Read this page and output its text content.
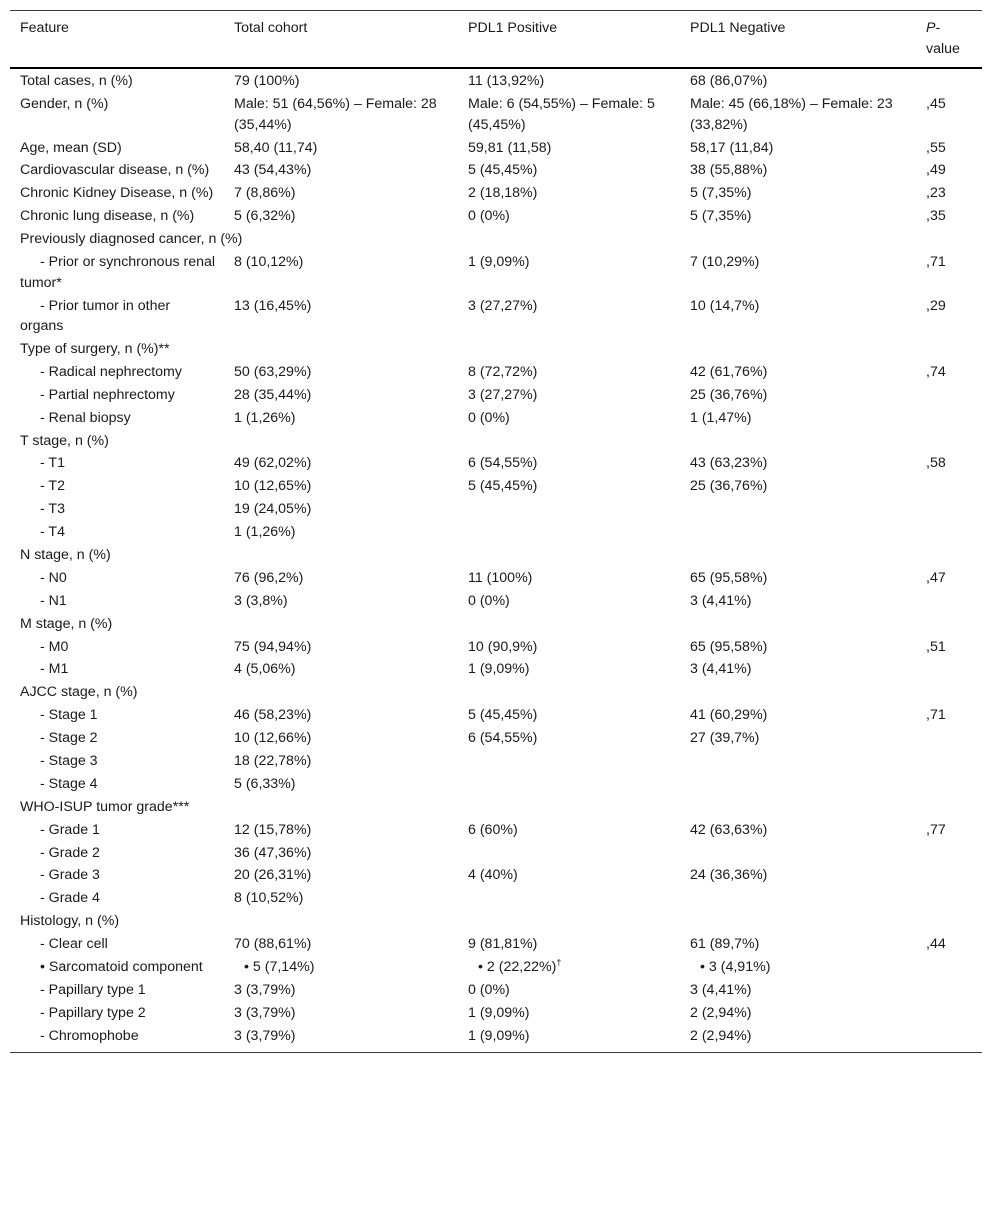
Feature	Total cohort	PDL1 Positive	PDL1 Negative	P-value
Total cases, n (%)	79 (100%)	11 (13,92%)	68 (86,07%)	
Gender, n (%)	Male: 51 (64,56%) – Female: 28 (35,44%)	Male: 6 (54,55%) – Female: 5 (45,45%)	Male: 45 (66,18%) – Female: 23 (33,82%)	,45
Age, mean (SD)	58,40 (11,74)	59,81 (11,58)	58,17 (11,84)	,55
Cardiovascular disease, n (%)	43 (54,43%)	5 (45,45%)	38 (55,88%)	,49
Chronic Kidney Disease, n (%)	7 (8,86%)	2 (18,18%)	5 (7,35%)	,23
Chronic lung disease, n (%)	5 (6,32%)	0 (0%)	5 (7,35%)	,35
Previously diagnosed cancer, n (%)				
- Prior or synchronous renal tumor*	8 (10,12%)	1 (9,09%)	7 (10,29%)	,71
- Prior tumor in other organs	13 (16,45%)	3 (27,27%)	10 (14,7%)	,29
Type of surgery, n (%)**				
- Radical nephrectomy	50 (63,29%)	8 (72,72%)	42 (61,76%)	,74
- Partial nephrectomy	28 (35,44%)	3 (27,27%)	25 (36,76%)	
- Renal biopsy	1 (1,26%)	0 (0%)	1 (1,47%)	
T stage, n (%)				
- T1	49 (62,02%)	6 (54,55%)	43 (63,23%)	,58
- T2	10 (12,65%)	5 (45,45%)	25 (36,76%)	
- T3	19 (24,05%)			
- T4	1 (1,26%)			
N stage, n (%)				
- N0	76 (96,2%)	11 (100%)	65 (95,58%)	,47
- N1	3 (3,8%)	0 (0%)	3 (4,41%)	
M stage, n (%)				
- M0	75 (94,94%)	10 (90,9%)	65 (95,58%)	,51
- M1	4 (5,06%)	1 (9,09%)	3 (4,41%)	
AJCC stage, n (%)				
- Stage 1	46 (58,23%)	5 (45,45%)	41 (60,29%)	,71
- Stage 2	10 (12,66%)	6 (54,55%)	27 (39,7%)	
- Stage 3	18 (22,78%)			
- Stage 4	5 (6,33%)			
WHO-ISUP tumor grade***				
- Grade 1	12 (15,78%)	6 (60%)	42 (63,63%)	,77
- Grade 2	36 (47,36%)			
- Grade 3	20 (26,31%)	4 (40%)	24 (36,36%)	
- Grade 4	8 (10,52%)			
Histology, n (%)				
- Clear cell	70 (88,61%)	9 (81,81%)	61 (89,7%)	,44
• Sarcomatoid component	• 5 (7,14%)	• 2 (22,22%)†	• 3 (4,91%)	
- Papillary type 1	3 (3,79%)	0 (0%)	3 (4,41%)	
- Papillary type 2	3 (3,79%)	1 (9,09%)	2 (2,94%)	
- Chromophobe	3 (3,79%)	1 (9,09%)	2 (2,94%)	
